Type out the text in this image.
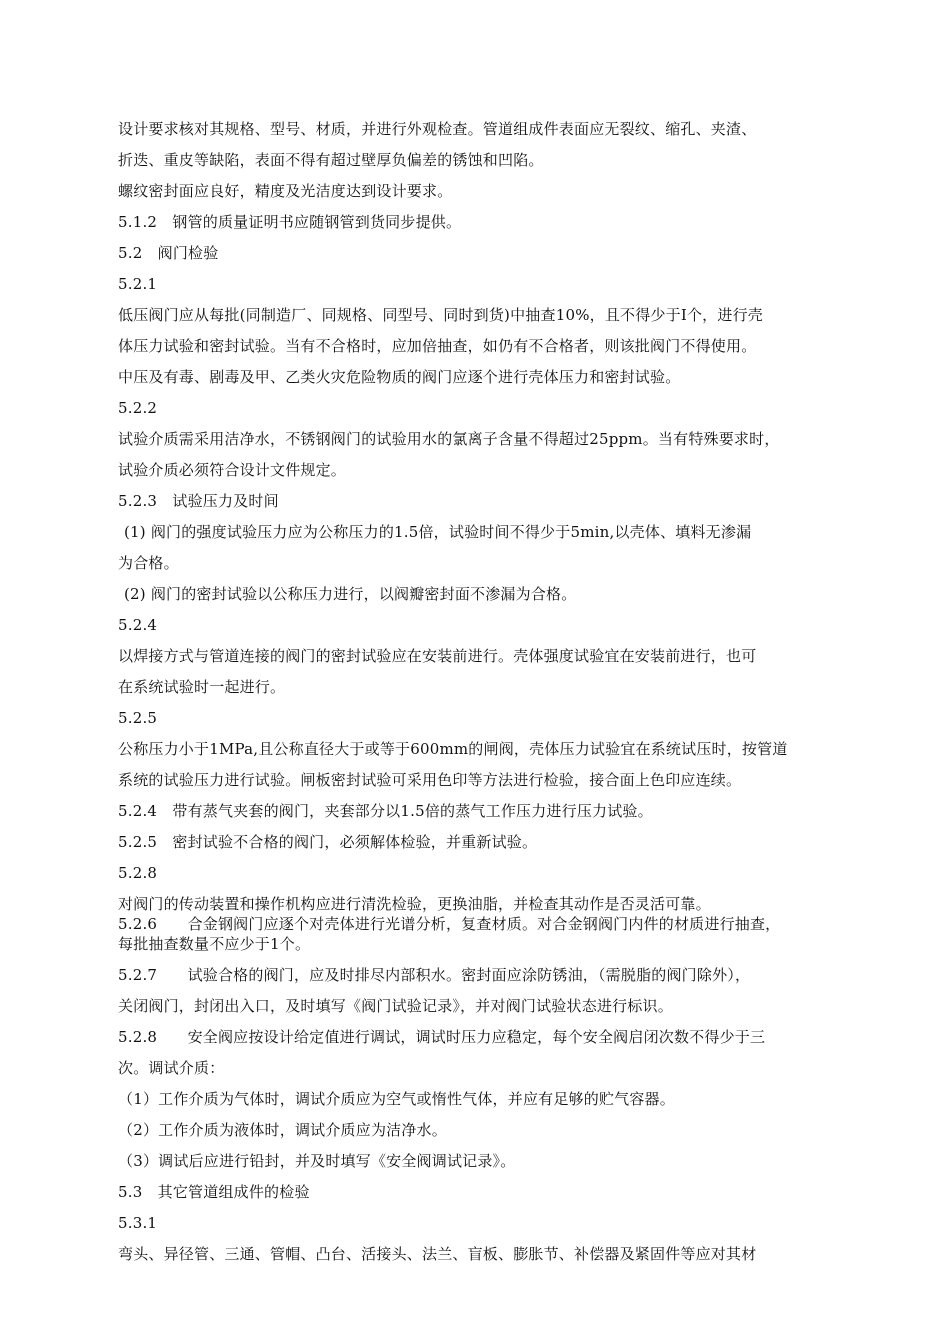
设计要求核对其规格、型号、材质，并进行外观检查。管道组成件表面应无裂纹、缩孔、夹渣、
折迭、重皮等缺陷，表面不得有超过壁厚负偏差的锈蚀和凹陷。
螺纹密封面应良好，精度及光洁度达到设计要求。
5.1.2　钢管的质量证明书应随钢管到货同步提供。
5.2　阀门检验
5.2.1
低压阀门应从每批(同制造厂、同规格、同型号、同时到货)中抽查10%，且不得少于Ι个，进行壳
体压力试验和密封试验。当有不合格时，应加倍抽查，如仍有不合格者，则该批阀门不得使用。
中压及有毒、剧毒及甲、乙类火灾危险物质的阀门应逐个进行壳体压力和密封试验。
5.2.2
试验介质需采用洁净水，不锈钢阀门的试验用水的氯离子含量不得超过25ppm。当有特殊要求时，
试验介质必须符合设计文件规定。
5.2.3　试验压力及时间
(1) 阀门的强度试验压力应为公称压力的1.5倍，试验时间不得少于5min,以壳体、填料无渗漏
为合格。
(2) 阀门的密封试验以公称压力进行，以阀瓣密封面不渗漏为合格。
5.2.4
以焊接方式与管道连接的阀门的密封试验应在安装前进行。壳体强度试验宜在安装前进行，也可
在系统试验时一起进行。
5.2.5
公称压力小于1MPa,且公称直径大于或等于600mm的闸阀，壳体压力试验宜在系统试压时，按管道
系统的试验压力进行试验。闸板密封试验可采用色印等方法进行检验，接合面上色印应连续。
5.2.4　带有蒸气夹套的阀门，夹套部分以1.5倍的蒸气工作压力进行压力试验。
5.2.5　密封试验不合格的阀门，必须解体检验，并重新试验。
5.2.8
对阀门的传动装置和操作机构应进行清洗检验，更换油脂，并检查其动作是否灵活可靠。
5.2.6　　合金钢阀门应逐个对壳体进行光谱分析，复查材质。对合金钢阀门内件的材质进行抽查，
每批抽查数量不应少于1个。
5.2.7　　试验合格的阀门，应及时排尽内部积水。密封面应涂防锈油，（需脱脂的阀门除外），
关闭阀门，封闭出入口，及时填写《阀门试验记录》，并对阀门试验状态进行标识。
5.2.8　　安全阀应按设计给定值进行调试，调试时压力应稳定，每个安全阀启闭次数不得少于三
次。调试介质：
（1）工作介质为气体时，调试介质应为空气或惰性气体，并应有足够的贮气容器。
（2）工作介质为液体时，调试介质应为洁净水。
（3）调试后应进行铅封，并及时填写《安全阀调试记录》。
5.3　其它管道组成件的检验
5.3.1
弯头、异径管、三通、管帽、凸台、活接头、法兰、盲板、膨胀节、补偿器及紧固件等应对其材
